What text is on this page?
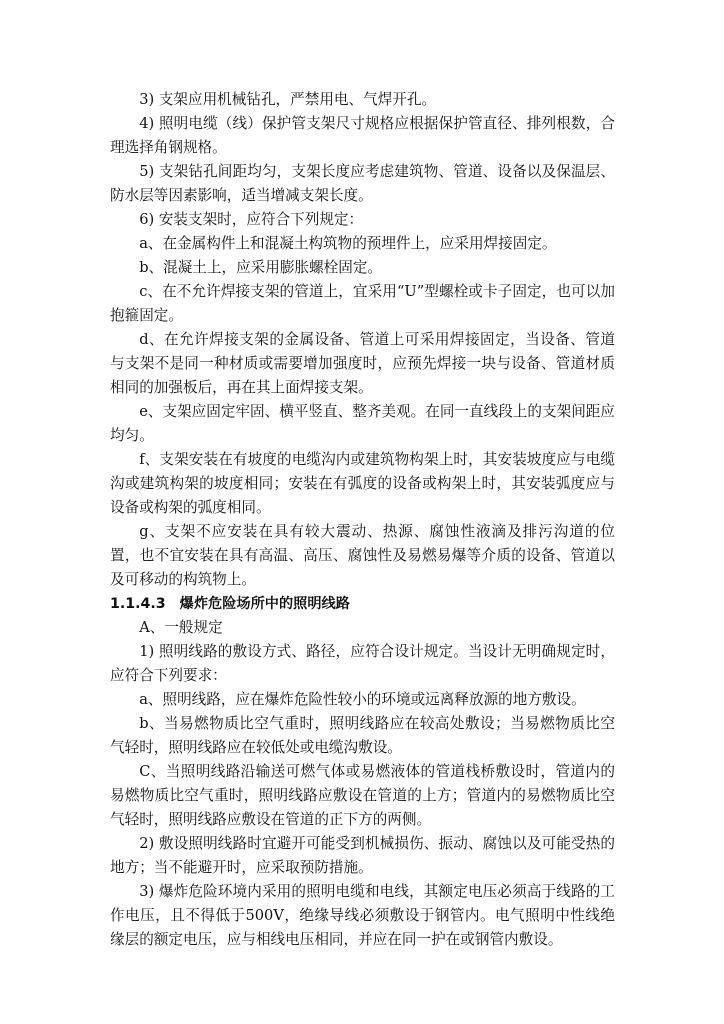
3) 支架应用机械钻孔，严禁用电、气焊开孔。

4) 照明电缆（线）保护管支架尺寸规格应根据保护管直径、排列根数，合理选择角钢规格。

5) 支架钻孔间距均匀，支架长度应考虑建筑物、管道、设备以及保温层、防水层等因素影响，适当增减支架长度。

6) 安装支架时，应符合下列规定：

a、在金属构件上和混凝土构筑物的预埋件上，应采用焊接固定。

b、混凝土上，应采用膨胀螺栓固定。

c、在不允许焊接支架的管道上，宜采用“U”型螺栓或卡子固定，也可以加抱箍固定。

d、在允许焊接支架的金属设备、管道上可采用焊接固定，当设备、管道与支架不是同一种材质或需要增加强度时，应预先焊接一块与设备、管道材质相同的加强板后，再在其上面焊接支架。

e、支架应固定牢固、横平竖直、整齐美观。在同一直线段上的支架间距应均匀。

f、支架安装在有坡度的电缆沟内或建筑物构架上时，其安装坡度应与电缆沟或建筑构架的坡度相同；安装在有弧度的设备或构架上时，其安装弧度应与设备或构架的弧度相同。

g、支架不应安装在具有较大震动、热源、腐蚀性液滴及排污沟道的位置，也不宜安装在具有高温、高压、腐蚀性及易燃易爆等介质的设备、管道以及可移动的构筑物上。

1.1.4.3 爆炸危险场所中的照明线路

A、一般规定

1) 照明线路的敷设方式、路径，应符合设计规定。当设计无明确规定时，应符合下列要求：

a、照明线路，应在爆炸危险性较小的环境或远离释放源的地方敷设。

b、当易燃物质比空气重时，照明线路应在较高处敷设；当易燃物质比空气轻时，照明线路应在较低处或电缆沟敷设。

C、当照明线路沿输送可燃气体或易燃液体的管道栈桥敷设时，管道内的易燃物质比空气重时，照明线路应敷设在管道的上方；管道内的易燃物质比空气轻时，照明线路应敷设在管道的正下方的两侧。

2) 敷设照明线路时宜避开可能受到机械损伤、振动、腐蚀以及可能受热的地方；当不能避开时，应采取预防措施。

3) 爆炸危险环境内采用的照明电缆和电线，其额定电压必须高于线路的工作电压，且不得低于500V，绝缘导线必须敷设于钢管内。电气照明中性线绝缘层的额定电压，应与相线电压相同，并应在同一护在或钢管内敷设。
